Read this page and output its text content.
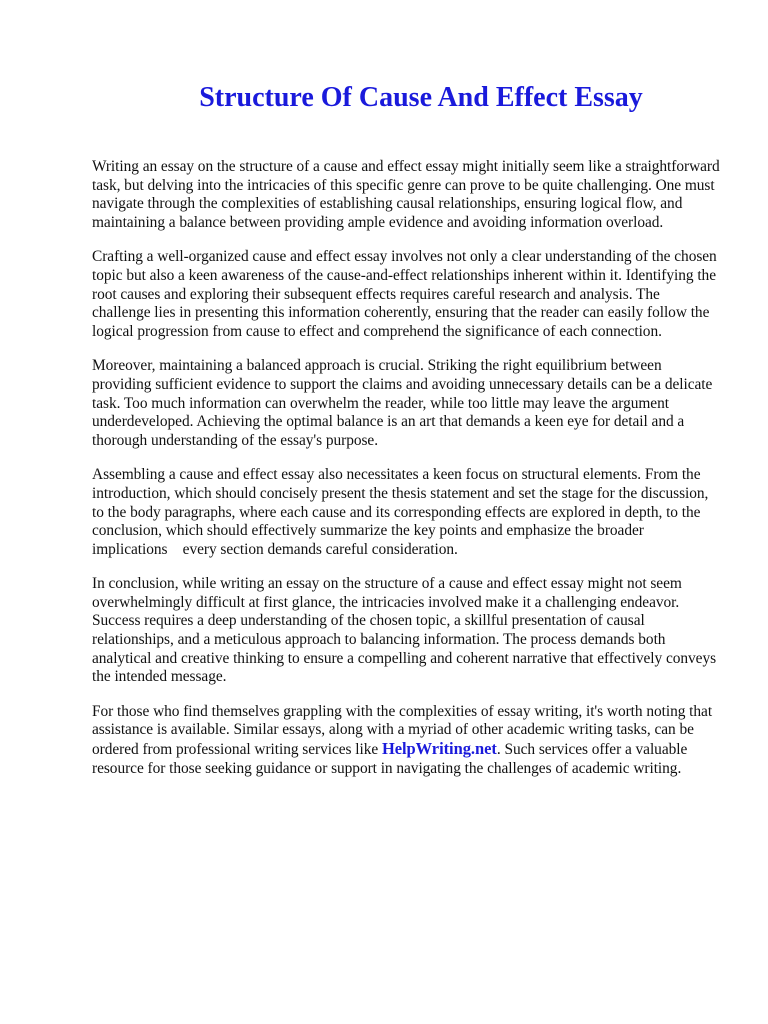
Structure Of Cause And Effect Essay

Writing an essay on the structure of a cause and effect essay might initially seem like a straightforward task, but delving into the intricacies of this specific genre can prove to be quite challenging. One must navigate through the complexities of establishing causal relationships, ensuring logical flow, and maintaining a balance between providing ample evidence and avoiding information overload.

Crafting a well-organized cause and effect essay involves not only a clear understanding of the chosen topic but also a keen awareness of the cause-and-effect relationships inherent within it. Identifying the root causes and exploring their subsequent effects requires careful research and analysis. The challenge lies in presenting this information coherently, ensuring that the reader can easily follow the logical progression from cause to effect and comprehend the significance of each connection.

Moreover, maintaining a balanced approach is crucial. Striking the right equilibrium between providing sufficient evidence to support the claims and avoiding unnecessary details can be a delicate task. Too much information can overwhelm the reader, while too little may leave the argument underdeveloped. Achieving the optimal balance is an art that demands a keen eye for detail and a thorough understanding of the essay's purpose.

Assembling a cause and effect essay also necessitates a keen focus on structural elements. From the introduction, which should concisely present the thesis statement and set the stage for the discussion, to the body paragraphs, where each cause and its corresponding effects are explored in depth, to the conclusion, which should effectively summarize the key points and emphasize the broader implications    every section demands careful consideration.

In conclusion, while writing an essay on the structure of a cause and effect essay might not seem overwhelmingly difficult at first glance, the intricacies involved make it a challenging endeavor. Success requires a deep understanding of the chosen topic, a skillful presentation of causal relationships, and a meticulous approach to balancing information. The process demands both analytical and creative thinking to ensure a compelling and coherent narrative that effectively conveys the intended message.

For those who find themselves grappling with the complexities of essay writing, it's worth noting that assistance is available. Similar essays, along with a myriad of other academic writing tasks, can be ordered from professional writing services like HelpWriting.net. Such services offer a valuable resource for those seeking guidance or support in navigating the challenges of academic writing.
